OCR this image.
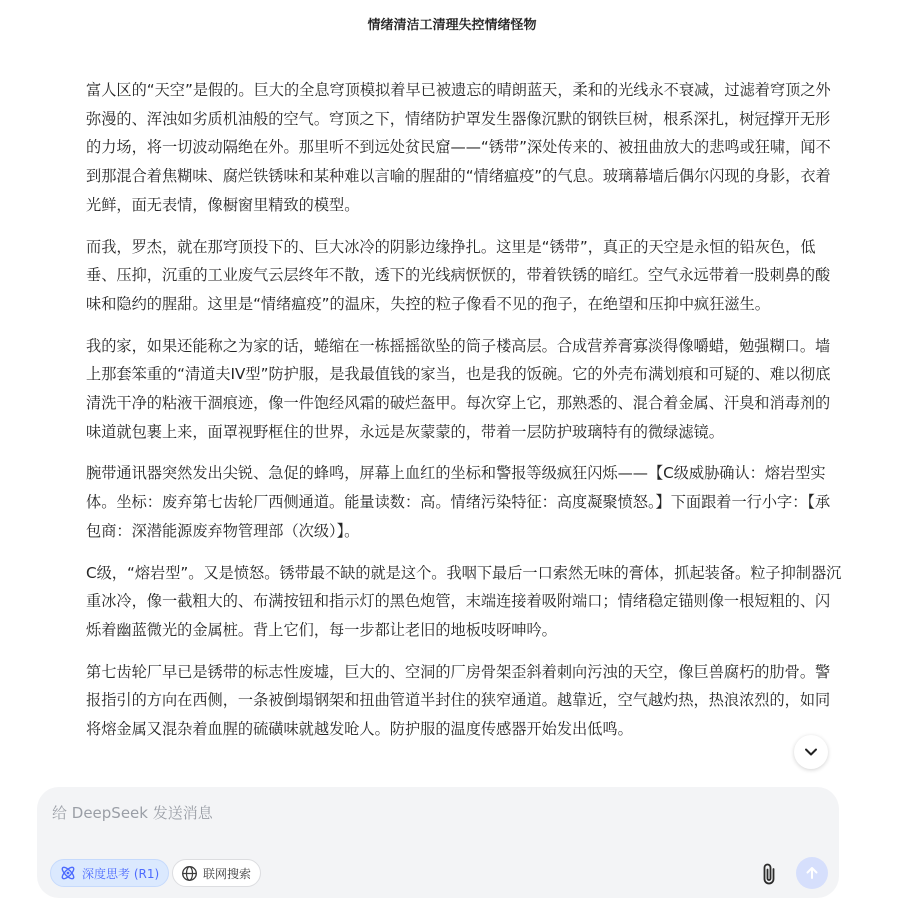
情绪清洁工清理失控情绪怪物

富人区的“天空”是假的。巨大的全息穹顶模拟着早已被遗忘的晴朗蓝天，柔和的光线永不衰减，过滤着穹顶之外弥漫的、浑浊如劣质机油般的空气。穹顶之下，情绪防护罩发生器像沉默的钢铁巨树，根系深扎，树冠撑开无形的力场，将一切波动隔绝在外。那里听不到远处贫民窟——“锈带”深处传来的、被扭曲放大的悲鸣或狂啸，闻不到那混合着焦糊味、腐烂铁锈味和某种难以言喻的腥甜的“情绪瘟疫”的气息。玻璃幕墙后偶尔闪现的身影，衣着光鲜，面无表情，像橱窗里精致的模型。

而我，罗杰，就在那穹顶投下的、巨大冰冷的阴影边缘挣扎。这里是“锈带”，真正的天空是永恒的铅灰色，低垂、压抑，沉重的工业废气云层终年不散，透下的光线病恹恹的，带着铁锈的暗红。空气永远带着一股刺鼻的酸味和隐约的腥甜。这里是“情绪瘟疫”的温床，失控的粒子像看不见的孢子，在绝望和压抑中疯狂滋生。

我的家，如果还能称之为家的话，蜷缩在一栋摇摇欲坠的筒子楼高层。合成营养膏寡淡得像嚼蜡，勉强糊口。墙上那套笨重的“清道夫IV型”防护服，是我最值钱的家当，也是我的饭碗。它的外壳布满划痕和可疑的、难以彻底清洗干净的粘液干涸痕迹，像一件饱经风霜的破烂盔甲。每次穿上它，那熟悉的、混合着金属、汗臭和消毒剂的味道就包裹上来，面罩视野框住的世界，永远是灰蒙蒙的，带着一层防护玻璃特有的微绿滤镜。

腕带通讯器突然发出尖锐、急促的蜂鸣，屏幕上血红的坐标和警报等级疯狂闪烁——【C级威胁确认：熔岩型实体。坐标：废弃第七齿轮厂西侧通道。能量读数：高。情绪污染特征：高度凝聚愤怒。】下面跟着一行小字：【承包商：深潜能源废弃物管理部（次级）】。

C级，“熔岩型”。又是愤怒。锈带最不缺的就是这个。我咽下最后一口索然无味的膏体，抓起装备。粒子抑制器沉重冰冷，像一截粗大的、布满按钮和指示灯的黑色炮管，末端连接着吸附端口；情绪稳定锚则像一根短粗的、闪烁着幽蓝微光的金属桩。背上它们，每一步都让老旧的地板吱呀呻吟。

第七齿轮厂早已是锈带的标志性废墟，巨大的、空洞的厂房骨架歪斜着刺向污浊的天空，像巨兽腐朽的肋骨。警报指引的方向在西侧，一条被倒塌钢架和扭曲管道半封住的狭窄通道。越靠近，空气越灼热，热浪浓烈的，如同将熔金属又混杂着血腥的硫磺味就越发呛人。防护服的温度传感器开始发出低鸣。

给 DeepSeek 发送消息
深度思考 (R1)	联网搜索
